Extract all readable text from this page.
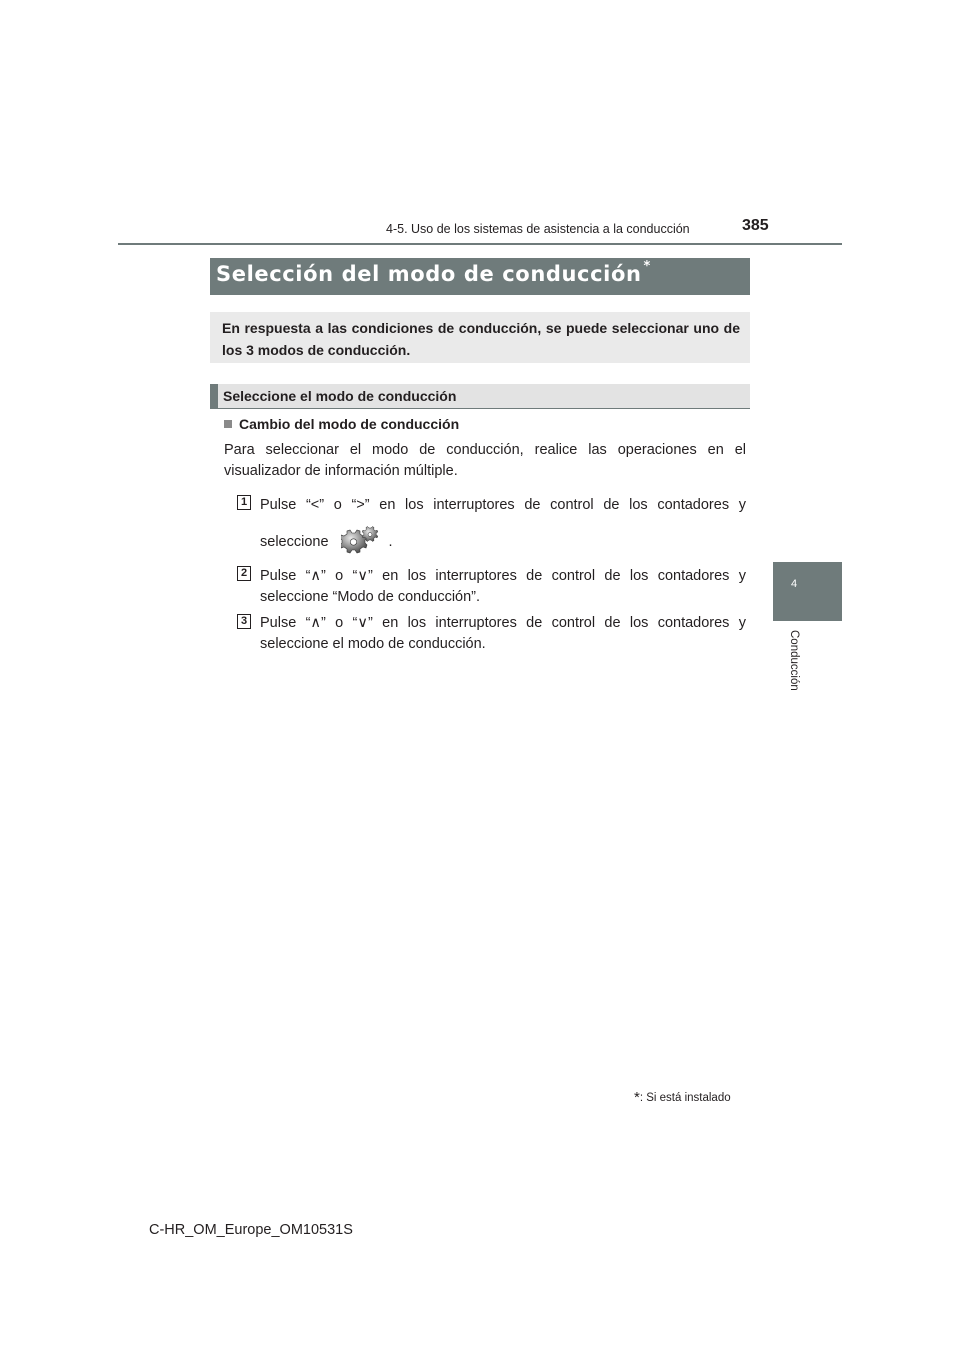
4-5. Uso de los sistemas de asistencia a la conducción	385
4
Conducción
Selección del modo de conducción *
En respuesta a las condiciones de conducción, se puede seleccionar uno de los 3 modos de conducción.
Seleccione el modo de conducción
Cambio del modo de conducción
Para seleccionar el modo de conducción, realice las operaciones en el
visualizador de información múltiple.
1 Pulse “<” o “>” en los interruptores de control de los contadores y
seleccione	.
2 Pulse “∧” o “∨” en los interruptores de control de los contadores y
seleccione “Modo de conducción”.
3 Pulse “∧” o “∨” en los interruptores de control de los contadores y
seleccione el modo de conducción.
*: Si está instalado
C-HR_OM_Europe_OM10531S
